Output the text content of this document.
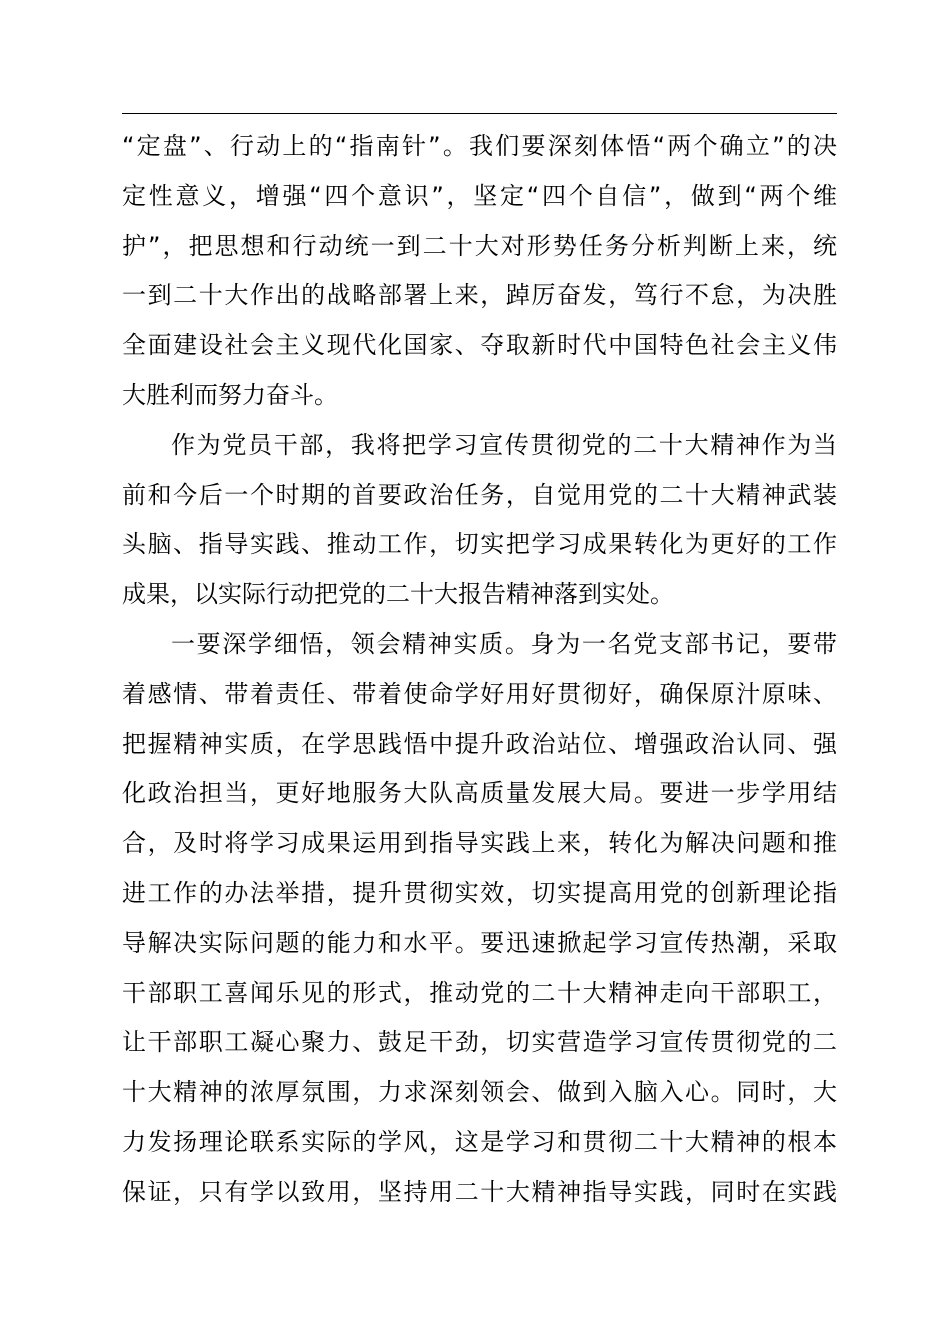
“定盘”、行动上的“指南针”。我们要深刻体悟“两个确立”的决
定性意义，增强“四个意识”，坚定“四个自信”，做到“两个维
护”，把思想和行动统一到二十大对形势任务分析判断上来，统
一到二十大作出的战略部署上来，踔厉奋发，笃行不怠，为决胜
全面建设社会主义现代化国家、夺取新时代中国特色社会主义伟
大胜利而努力奋斗。
作为党员干部，我将把学习宣传贯彻党的二十大精神作为当
前和今后一个时期的首要政治任务，自觉用党的二十大精神武装
头脑、指导实践、推动工作，切实把学习成果转化为更好的工作
成果，以实际行动把党的二十大报告精神落到实处。
一要深学细悟，领会精神实质。身为一名党支部书记，要带
着感情、带着责任、带着使命学好用好贯彻好，确保原汁原味、
把握精神实质，在学思践悟中提升政治站位、增强政治认同、强
化政治担当，更好地服务大队高质量发展大局。要进一步学用结
合，及时将学习成果运用到指导实践上来，转化为解决问题和推
进工作的办法举措，提升贯彻实效，切实提高用党的创新理论指
导解决实际问题的能力和水平。要迅速掀起学习宣传热潮，采取
干部职工喜闻乐见的形式，推动党的二十大精神走向干部职工，
让干部职工凝心聚力、鼓足干劲，切实营造学习宣传贯彻党的二
十大精神的浓厚氛围，力求深刻领会、做到入脑入心。同时，大
力发扬理论联系实际的学风，这是学习和贯彻二十大精神的根本
保证，只有学以致用，坚持用二十大精神指导实践，同时在实践
